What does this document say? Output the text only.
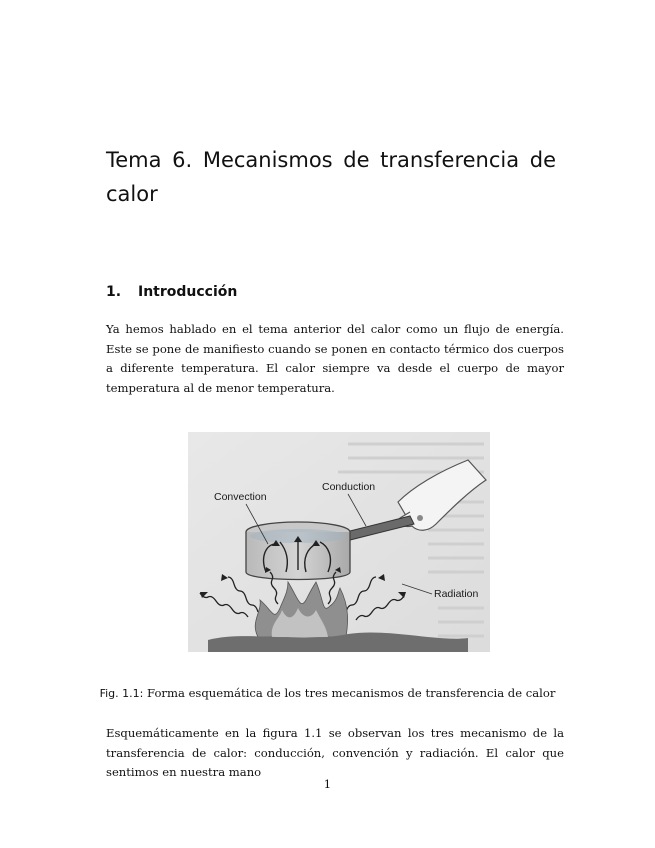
Tema 6. Mecanismos de transferencia de calor
1. Introducción

Ya hemos hablado en el tema anterior del calor como un flujo de energía. Este se pone de manifiesto cuando se ponen en contacto térmico dos cuerpos a diferente temperatura. El calor siempre va desde el cuerpo de mayor temperatura al de menor temperatura.

Convection
Conduction
Radiation

Fig. 1.1: Forma esquemática de los tres mecanismos de transferencia de calor

Esquemáticamente en la figura 1.1 se observan los tres mecanismo de la transferencia de calor: conducción, convención y radiación. El calor que sentimos en nuestra mano

1
